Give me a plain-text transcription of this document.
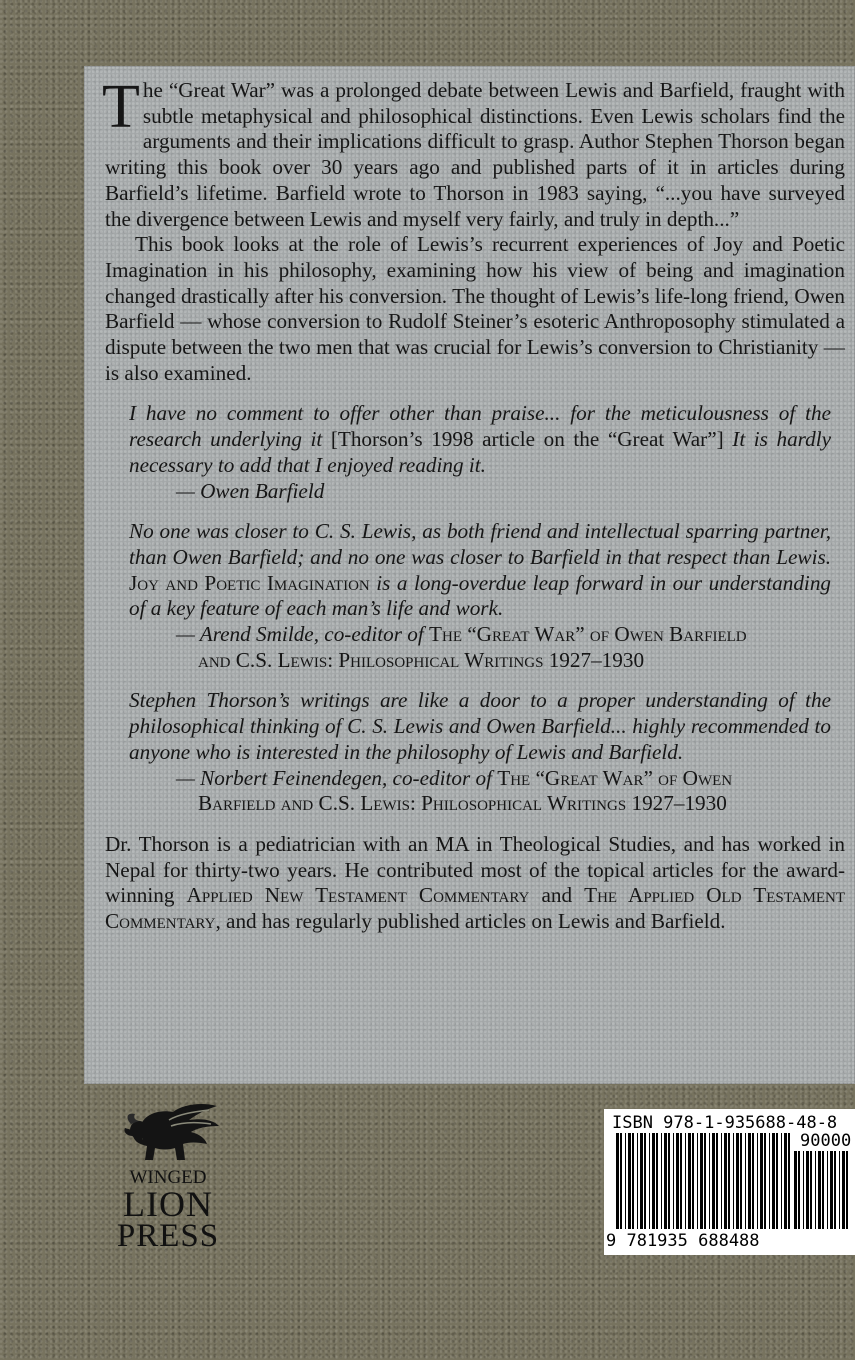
The “Great War” was a prolonged debate between Lewis and Barfield, fraught with subtle metaphysical and philosophical distinctions. Even Lewis scholars find the arguments and their implications difficult to grasp. Author Stephen Thorson began writing this book over 30 years ago and published parts of it in articles during Barfield’s lifetime. Barfield wrote to Thorson in 1983 saying, “...you have surveyed the divergence between Lewis and myself very fairly, and truly in depth...”

This book looks at the role of Lewis’s recurrent experiences of Joy and Poetic Imagination in his philosophy, examining how his view of being and imagination changed drastically after his conversion. The thought of Lewis’s life-long friend, Owen Barfield — whose conversion to Rudolf Steiner’s esoteric Anthroposophy stimulated a dispute between the two men that was crucial for Lewis’s conversion to Christianity — is also examined.

I have no comment to offer other than praise... for the meticulousness of the research underlying it [Thorson’s 1998 article on the “Great War”] It is hardly necessary to add that I enjoyed reading it.

— Owen Barfield

No one was closer to C. S. Lewis, as both friend and intellectual sparring partner, than Owen Barfield; and no one was closer to Barfield in that respect than Lewis. Joy and Poetic Imagination is a long-overdue leap forward in our understanding of a key feature of each man’s life and work.

— Arend Smilde, co-editor of The “Great War” of Owen Barfield
and C.S. Lewis: Philosophical Writings 1927–1930

Stephen Thorson’s writings are like a door to a proper understanding of the philosophical thinking of C. S. Lewis and Owen Barfield... highly recommended to anyone who is interested in the philosophy of Lewis and Barfield.

— Norbert Feinendegen, co-editor of The “Great War” of Owen
Barfield and C.S. Lewis: Philosophical Writings 1927–1930

Dr. Thorson is a pediatrician with an MA in Theological Studies, and has worked in Nepal for thirty-two years. He contributed most of the topical articles for the award-winning Applied New Testament Commentary and The Applied Old Testament Commentary, and has regularly published articles on Lewis and Barfield.

WINGED
LION
PRESS
ISBN 978-1-935688-48-8
90000
9 781935 688488
